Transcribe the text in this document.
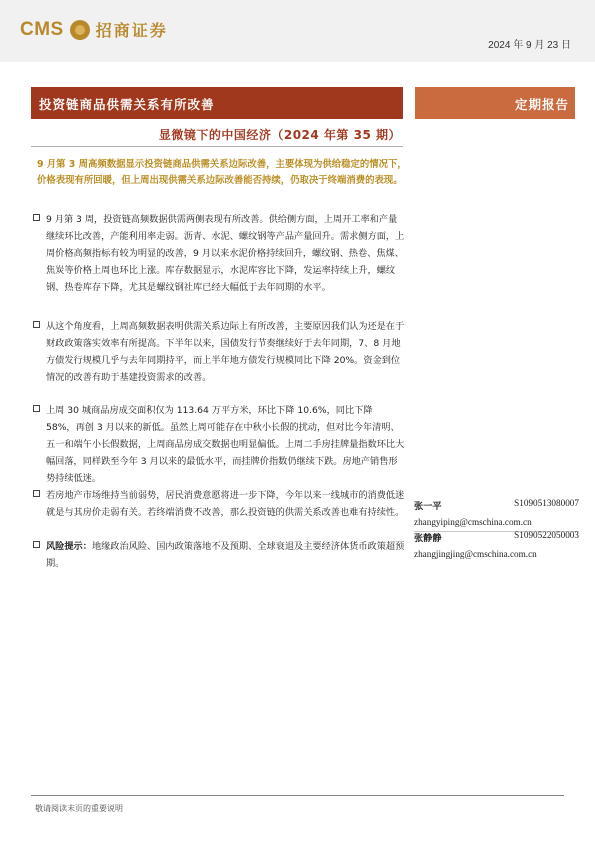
CMS 招商证券
2024 年 9 月 23 日
投资链商品供需关系有所改善	定期报告
显微镜下的中国经济（2024 年第 35 期）

9 月第 3 周高频数据显示投资链商品供需关系边际改善，主要体现为供给稳定的情况下，价格表现有所回暖，但上周出现供需关系边际改善能否持续，仍取决于终端消费的表现。

9 月第 3 周，投资链高频数据供需两侧表现有所改善。供给侧方面，上周开工率和产量继续环比改善，产能利用率走弱。沥青、水泥、螺纹钢等产品产量回升。需求侧方面，上周价格高频指标有较为明显的改善，9 月以来水泥价格持续回升，螺纹钢、热卷、焦煤、焦炭等价格上周也环比上涨。库存数据显示，水泥库容比下降，发运率持续上升，螺纹钢、热卷库存下降，尤其是螺纹钢社库已经大幅低于去年同期的水平。
从这个角度看，上周高频数据表明供需关系边际上有所改善，主要原因我们认为还是在于财政政策落实效率有所提高。下半年以来，国债发行节奏继续好于去年同期，7、8 月地方债发行规模几乎与去年同期持平，而上半年地方债发行规模同比下降 20%。资金到位情况的改善有助于基建投资需求的改善。
上周 30 城商品房成交面积仅为 113.64 万平方米，环比下降 10.6%，同比下降 58%，再创 3 月以来的新低。虽然上周可能存在中秋小长假的扰动，但对比今年清明、五一和端午小长假数据，上周商品房成交数据也明显偏低。上周二手房挂牌量指数环比大幅回落，同样跌至今年 3 月以来的最低水平，而挂牌价指数仍继续下跌。房地产销售形势持续低迷。
若房地产市场维持当前弱势，居民消费意愿将进一步下降，今年以来一线城市的消费低迷就是与其房价走弱有关。若终端消费不改善，那么投资链的供需关系改善也难有持续性。
风险提示：地缘政治风险、国内政策落地不及预期、全球衰退及主要经济体货币政策超预期。
张一平	S1090513080007
zhangyiping@cmschina.com.cn
张静静	S1090522050003
zhangjingjing@cmschina.com.cn
敬请阅读末页的重要说明
